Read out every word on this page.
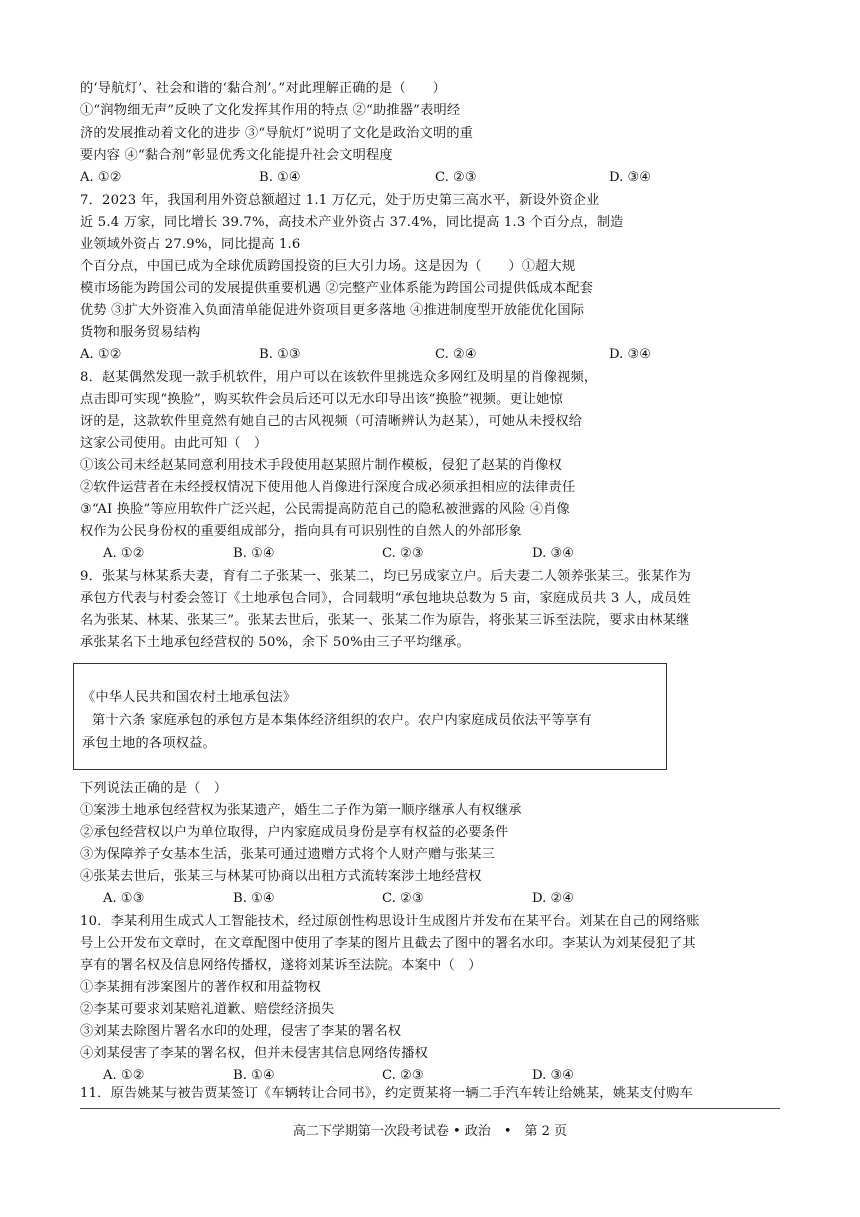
的‘导航灯’、社会和谐的‘黏合剂’。”对此理解正确的是（　　）
①“润物细无声”反映了文化发挥其作用的特点 ②“助推器”表明经
济的发展推动着文化的进步 ③“导航灯”说明了文化是政治文明的重
要内容 ④“黏合剂”彰显优秀文化能提升社会文明程度
A. ①②	B. ①④	C. ②③	D. ③④
7．2023 年，我国利用外资总额超过 1.1 万亿元，处于历史第三高水平，新设外资企业
近 5.4 万家，同比增长 39.7%，高技术产业外资占 37.4%，同比提高 1.3 个百分点，制造
业领域外资占 27.9%，同比提高 1.6
个百分点，中国已成为全球优质跨国投资的巨大引力场。这是因为（　　）①超大规
模市场能为跨国公司的发展提供重要机遇 ②完整产业体系能为跨国公司提供低成本配套
优势 ③扩大外资准入负面清单能促进外资项目更多落地 ④推进制度型开放能优化国际
货物和服务贸易结构
A. ①②	B. ①③	C. ②④	D. ③④
8．赵某偶然发现一款手机软件，用户可以在该软件里挑选众多网红及明星的肖像视频，
点击即可实现“换脸”，购买软件会员后还可以无水印导出该“换脸”视频。更让她惊
讶的是，这款软件里竟然有她自己的古风视频（可清晰辨认为赵某），可她从未授权给
这家公司使用。由此可知（　）
①该公司未经赵某同意利用技术手段使用赵某照片制作模板，侵犯了赵某的肖像权
②软件运营者在未经授权情况下使用他人肖像进行深度合成必须承担相应的法律责任
③“AI 换脸”等应用软件广泛兴起，公民需提高防范自己的隐私被泄露的风险 ④肖像
权作为公民身份权的重要组成部分，指向具有可识别性的自然人的外部形象
A. ①②	B. ①④	C. ②③	D. ③④
9．张某与林某系夫妻，育有二子张某一、张某二，均已另成家立户。后夫妻二人领养张某三。张某作为
承包方代表与村委会签订《土地承包合同》，合同载明“承包地块总数为 5 亩，家庭成员共 3 人，成员姓
名为张某、林某、张某三”。张某去世后，张某一、张某二作为原告，将张某三诉至法院，要求由林某继
承张某名下土地承包经营权的 50%，余下 50%由三子平均继承。
《中华人民共和国农村土地承包法》
第十六条 家庭承包的承包方是本集体经济组织的农户。农户内家庭成员依法平等享有
承包土地的各项权益。
下列说法正确的是（　）
①案涉土地承包经营权为张某遗产，婚生二子作为第一顺序继承人有权继承
②承包经营权以户为单位取得，户内家庭成员身份是享有权益的必要条件
③为保障养子女基本生活，张某可通过遗赠方式将个人财产赠与张某三
④张某去世后，张某三与林某可协商以出租方式流转案涉土地经营权
A. ①③	B. ①④	C. ②③	D. ②④
10．李某利用生成式人工智能技术，经过原创性构思设计生成图片并发布在某平台。刘某在自己的网络账
号上公开发布文章时，在文章配图中使用了李某的图片且截去了图中的署名水印。李某认为刘某侵犯了其
享有的署名权及信息网络传播权，遂将刘某诉至法院。本案中（　）
①李某拥有涉案图片的著作权和用益物权
②李某可要求刘某赔礼道歉、赔偿经济损失
③刘某去除图片署名水印的处理，侵害了李某的署名权
④刘某侵害了李某的署名权，但并未侵害其信息网络传播权
A. ①②	B. ①④	C. ②③	D. ③④
11．原告姚某与被告贾某签订《车辆转让合同书》，约定贾某将一辆二手汽车转让给姚某，姚某支付购车
高二下学期第一次段考试卷 • 政治　•　第 2 页
